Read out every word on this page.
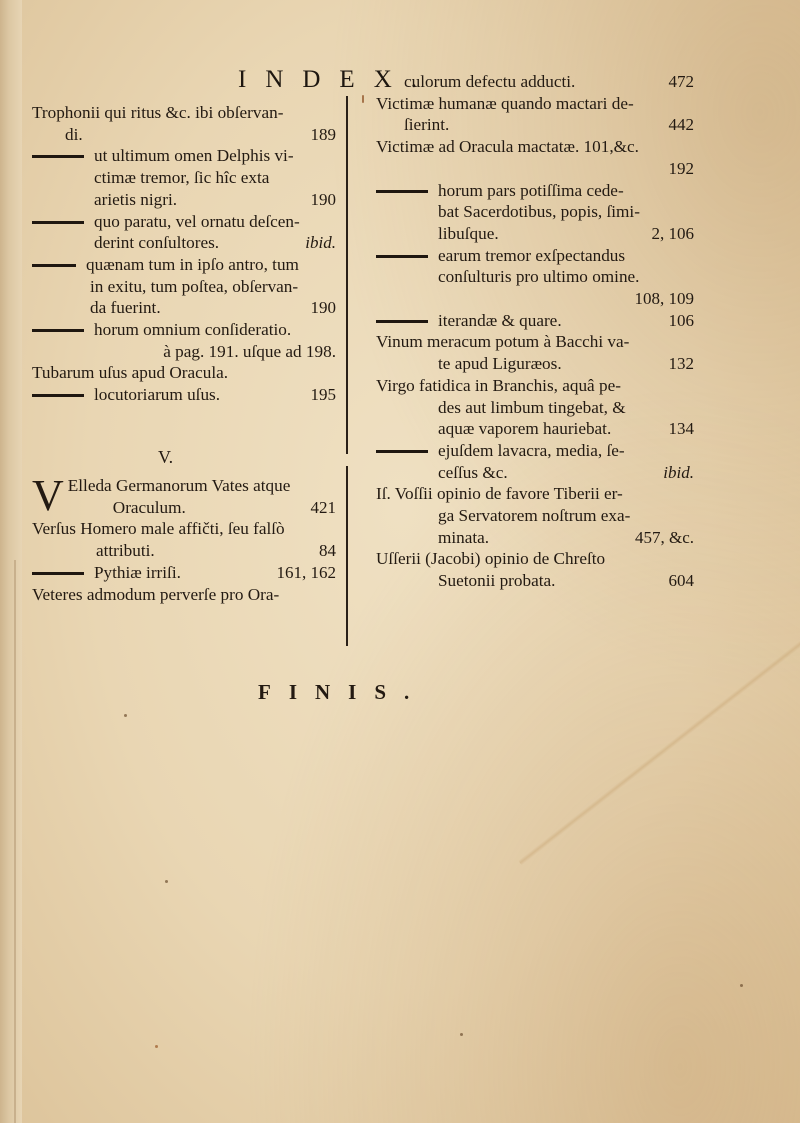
INDEX.
Trophonii qui ritus &c. ibi obſervan-
di.	189
ut ultimum omen Delphis vi-
ctimæ tremor, ſic hîc exta
arietis nigri.	190
quo paratu, vel ornatu deſcen-
derint conſultores.	ibid.
quænam tum in ipſo antro, tum
in exitu, tum poſtea, obſervan-
da fuerint.	190
horum omnium conſideratio.
à pag. 191. uſque ad 198.
Tubarum uſus apud Oracula.
locutoriarum uſus.	195
V.
V Elleda Germanorum Vates atque
Oraculum.	421
Verſus Homero male affičti, ſeu falſò
attributi.	84
Pythiæ irriſi.	161, 162
Veteres admodum perverſe pro Ora-
culorum defectu adducti.	472
Victimæ humanæ quando mactari de-
ſierint.	442
Victimæ ad Oracula mactatæ. 101,&c.
192
horum pars potiſſima cede-
bat Sacerdotibus, popis, ſimi-
libuſque.	2, 106
earum tremor exſpectandus
conſulturis pro ultimo omine.
108, 109
iterandæ & quare.	106
Vinum meracum potum à Bacchi va-
te apud Liguræos.	132
Virgo fatidica in Branchis, aquâ pe-
des aut limbum tingebat, &
aquæ vaporem hauriebat.	134
ejuſdem lavacra, media, ſe-
ceſſus &c.	ibid.
Iſ. Voſſii opinio de favore Tiberii er-
ga Servatorem noſtrum exa-
minata.	457, &c.
Uſſerii (Jacobi) opinio de Chreſto
Suetonii probata.	604
FINIS.
